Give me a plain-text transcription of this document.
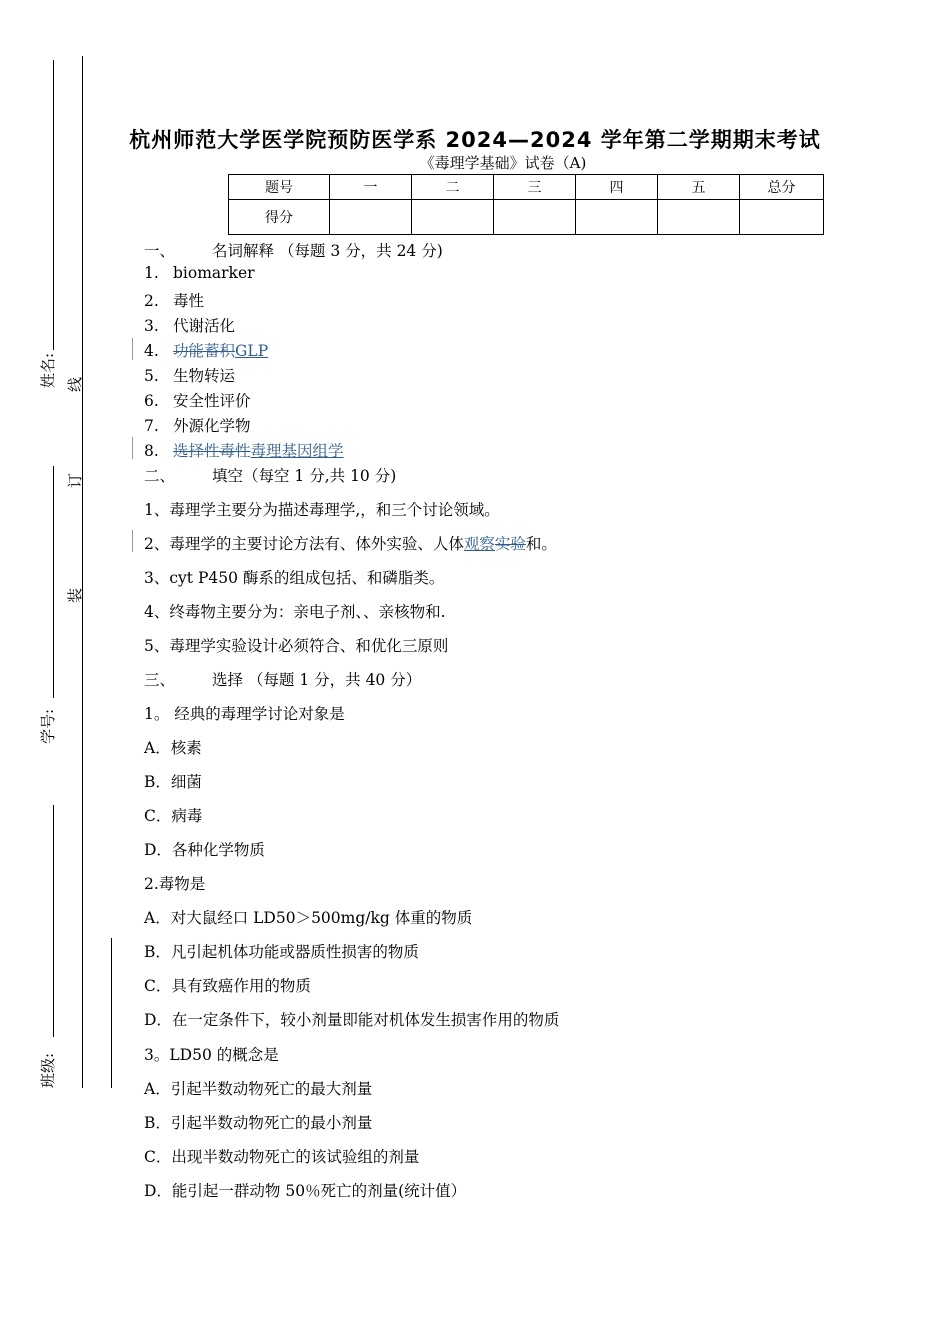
姓名: 线
订
装
学号:
班级:
杭州师范大学医学院预防医学系 2024—2024 学年第二学期期末考试
《毒理学基础》试卷（A)
题号	一	二	三	四	五	总分
得分						
一、 名词解释 （每题 3 分，共 24 分)
1. biomarker
2. 毒性
3. 代谢活化
4. 功能蓄积GLP
5. 生物转运
6. 安全性评价
7. 外源化学物
8. 选择性毒性毒理基因组学
二、 填空（每空 1 分,共 10 分)
1、毒理学主要分为描述毒理学,，和三个讨论领域。
2、毒理学的主要讨论方法有、体外实验、人体观察实验和。
3、cyt P450 酶系的组成包括、和磷脂类。
4、终毒物主要分为：亲电子剂、、亲核物和.
5、毒理学实验设计必须符合、和优化三原则
三、 选择 （每题 1 分，共 40 分）
1。 经典的毒理学讨论对象是
A．核素
B．细菌
C．病毒
D．各种化学物质
2.毒物是
A．对大鼠经口 LD50＞500mg/kg 体重的物质
B．凡引起机体功能或器质性损害的物质
C．具有致癌作用的物质
D．在一定条件下，较小剂量即能对机体发生损害作用的物质
3。LD50 的概念是
A．引起半数动物死亡的最大剂量
B．引起半数动物死亡的最小剂量
C．出现半数动物死亡的该试验组的剂量
D．能引起一群动物 50％死亡的剂量(统计值）
